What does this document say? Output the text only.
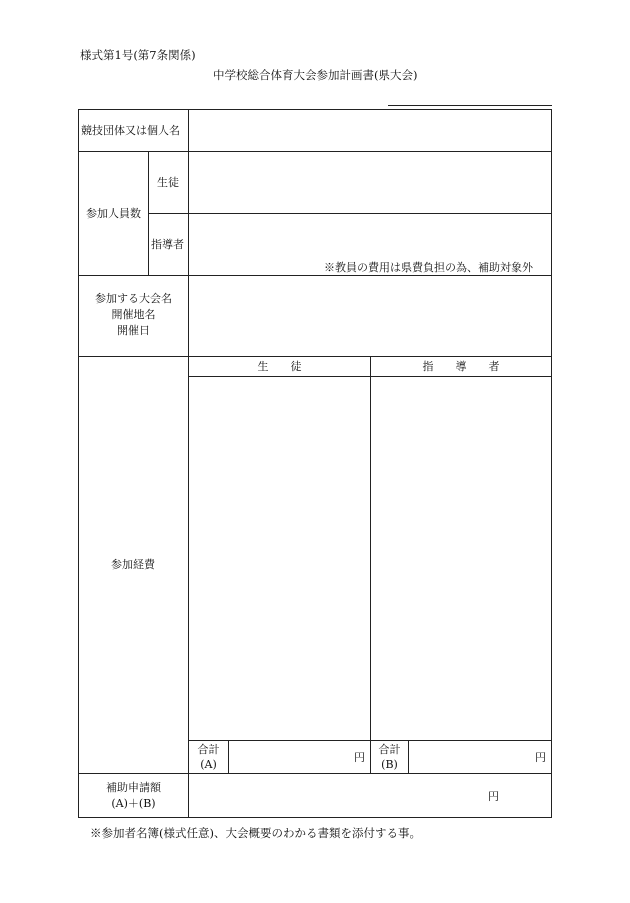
様式第1号(第7条関係)
中学校総合体育大会参加計画書(県大会)
競技団体又は個人名
参加人員数
生徒
指導者
※教員の費用は県費負担の為、補助対象外
参加する大会名
開催地名
開催日
参加経費
生　　徒	指　　導　　者
合計
(A)
円
合計
(B)
円
補助申請額
(A)＋(B)
円
※参加者名簿(様式任意)、大会概要のわかる書類を添付する事。
